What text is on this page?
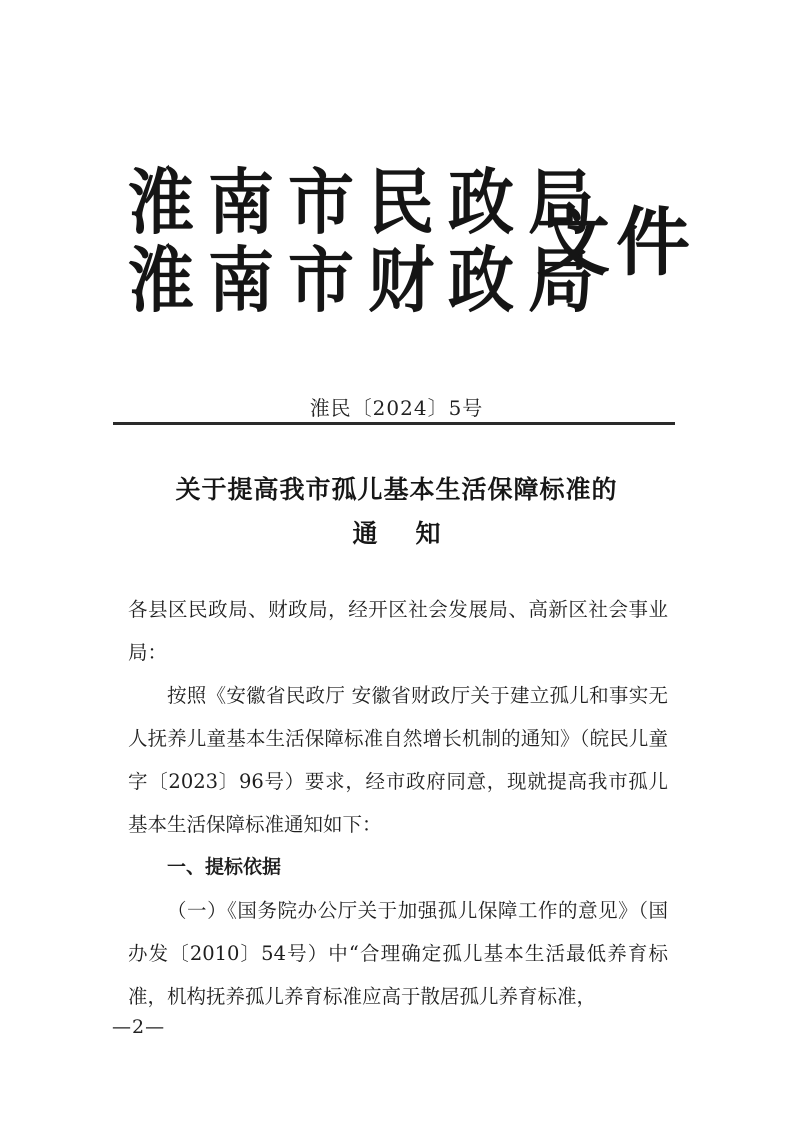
淮南市民政局
淮南市财政局
文件
淮民〔2024〕5号
关于提高我市孤儿基本生活保障标准的
通知

各县区民政局、财政局，经开区社会发展局、高新区社会事业局：

按照《安徽省民政厅 安徽省财政厅关于建立孤儿和事实无人抚养儿童基本生活保障标准自然增长机制的通知》（皖民儿童字〔2023〕96号）要求，经市政府同意，现就提高我市孤儿基本生活保障标准通知如下：

一、提标依据

（一）《国务院办公厅关于加强孤儿保障工作的意见》（国办发〔2010〕54号）中“合理确定孤儿基本生活最低养育标准，机构抚养孤儿养育标准应高于散居孤儿养育标准，

—2—
